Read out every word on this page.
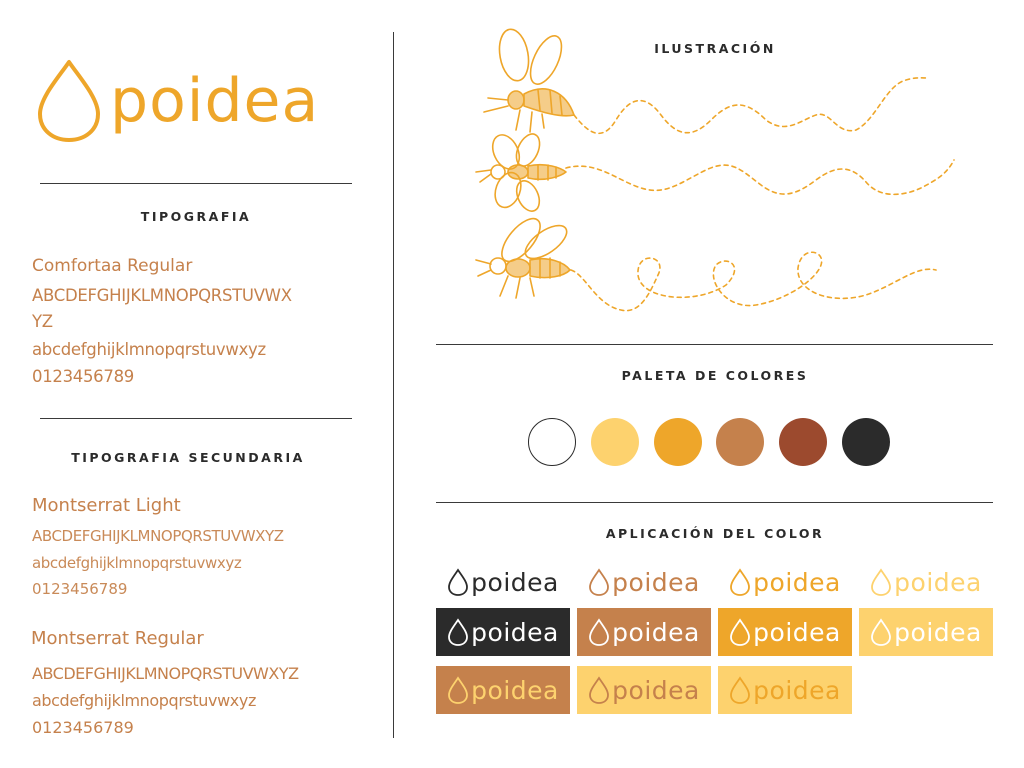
poidea
TIPOGRAFIA
Comfortaa Regular
ABCDEFGHIJKLMNOPQRSTUVWX
YZ
abcdefghijklmnopqrstuvwxyz
0123456789
TIPOGRAFIA SECUNDARIA
Montserrat Light
ABCDEFGHIJKLMNOPQRSTUVWXYZ
abcdefghijklmnopqrstuvwxyz
0123456789
Montserrat Regular
ABCDEFGHIJKLMNOPQRSTUVWXYZ
abcdefghijklmnopqrstuvwxyz
0123456789
ILUSTRACIÓN
PALETA DE COLORES
APLICACIÓN DEL COLOR
poidea poidea poidea poidea
poidea poidea poidea poidea
poidea poidea poidea
